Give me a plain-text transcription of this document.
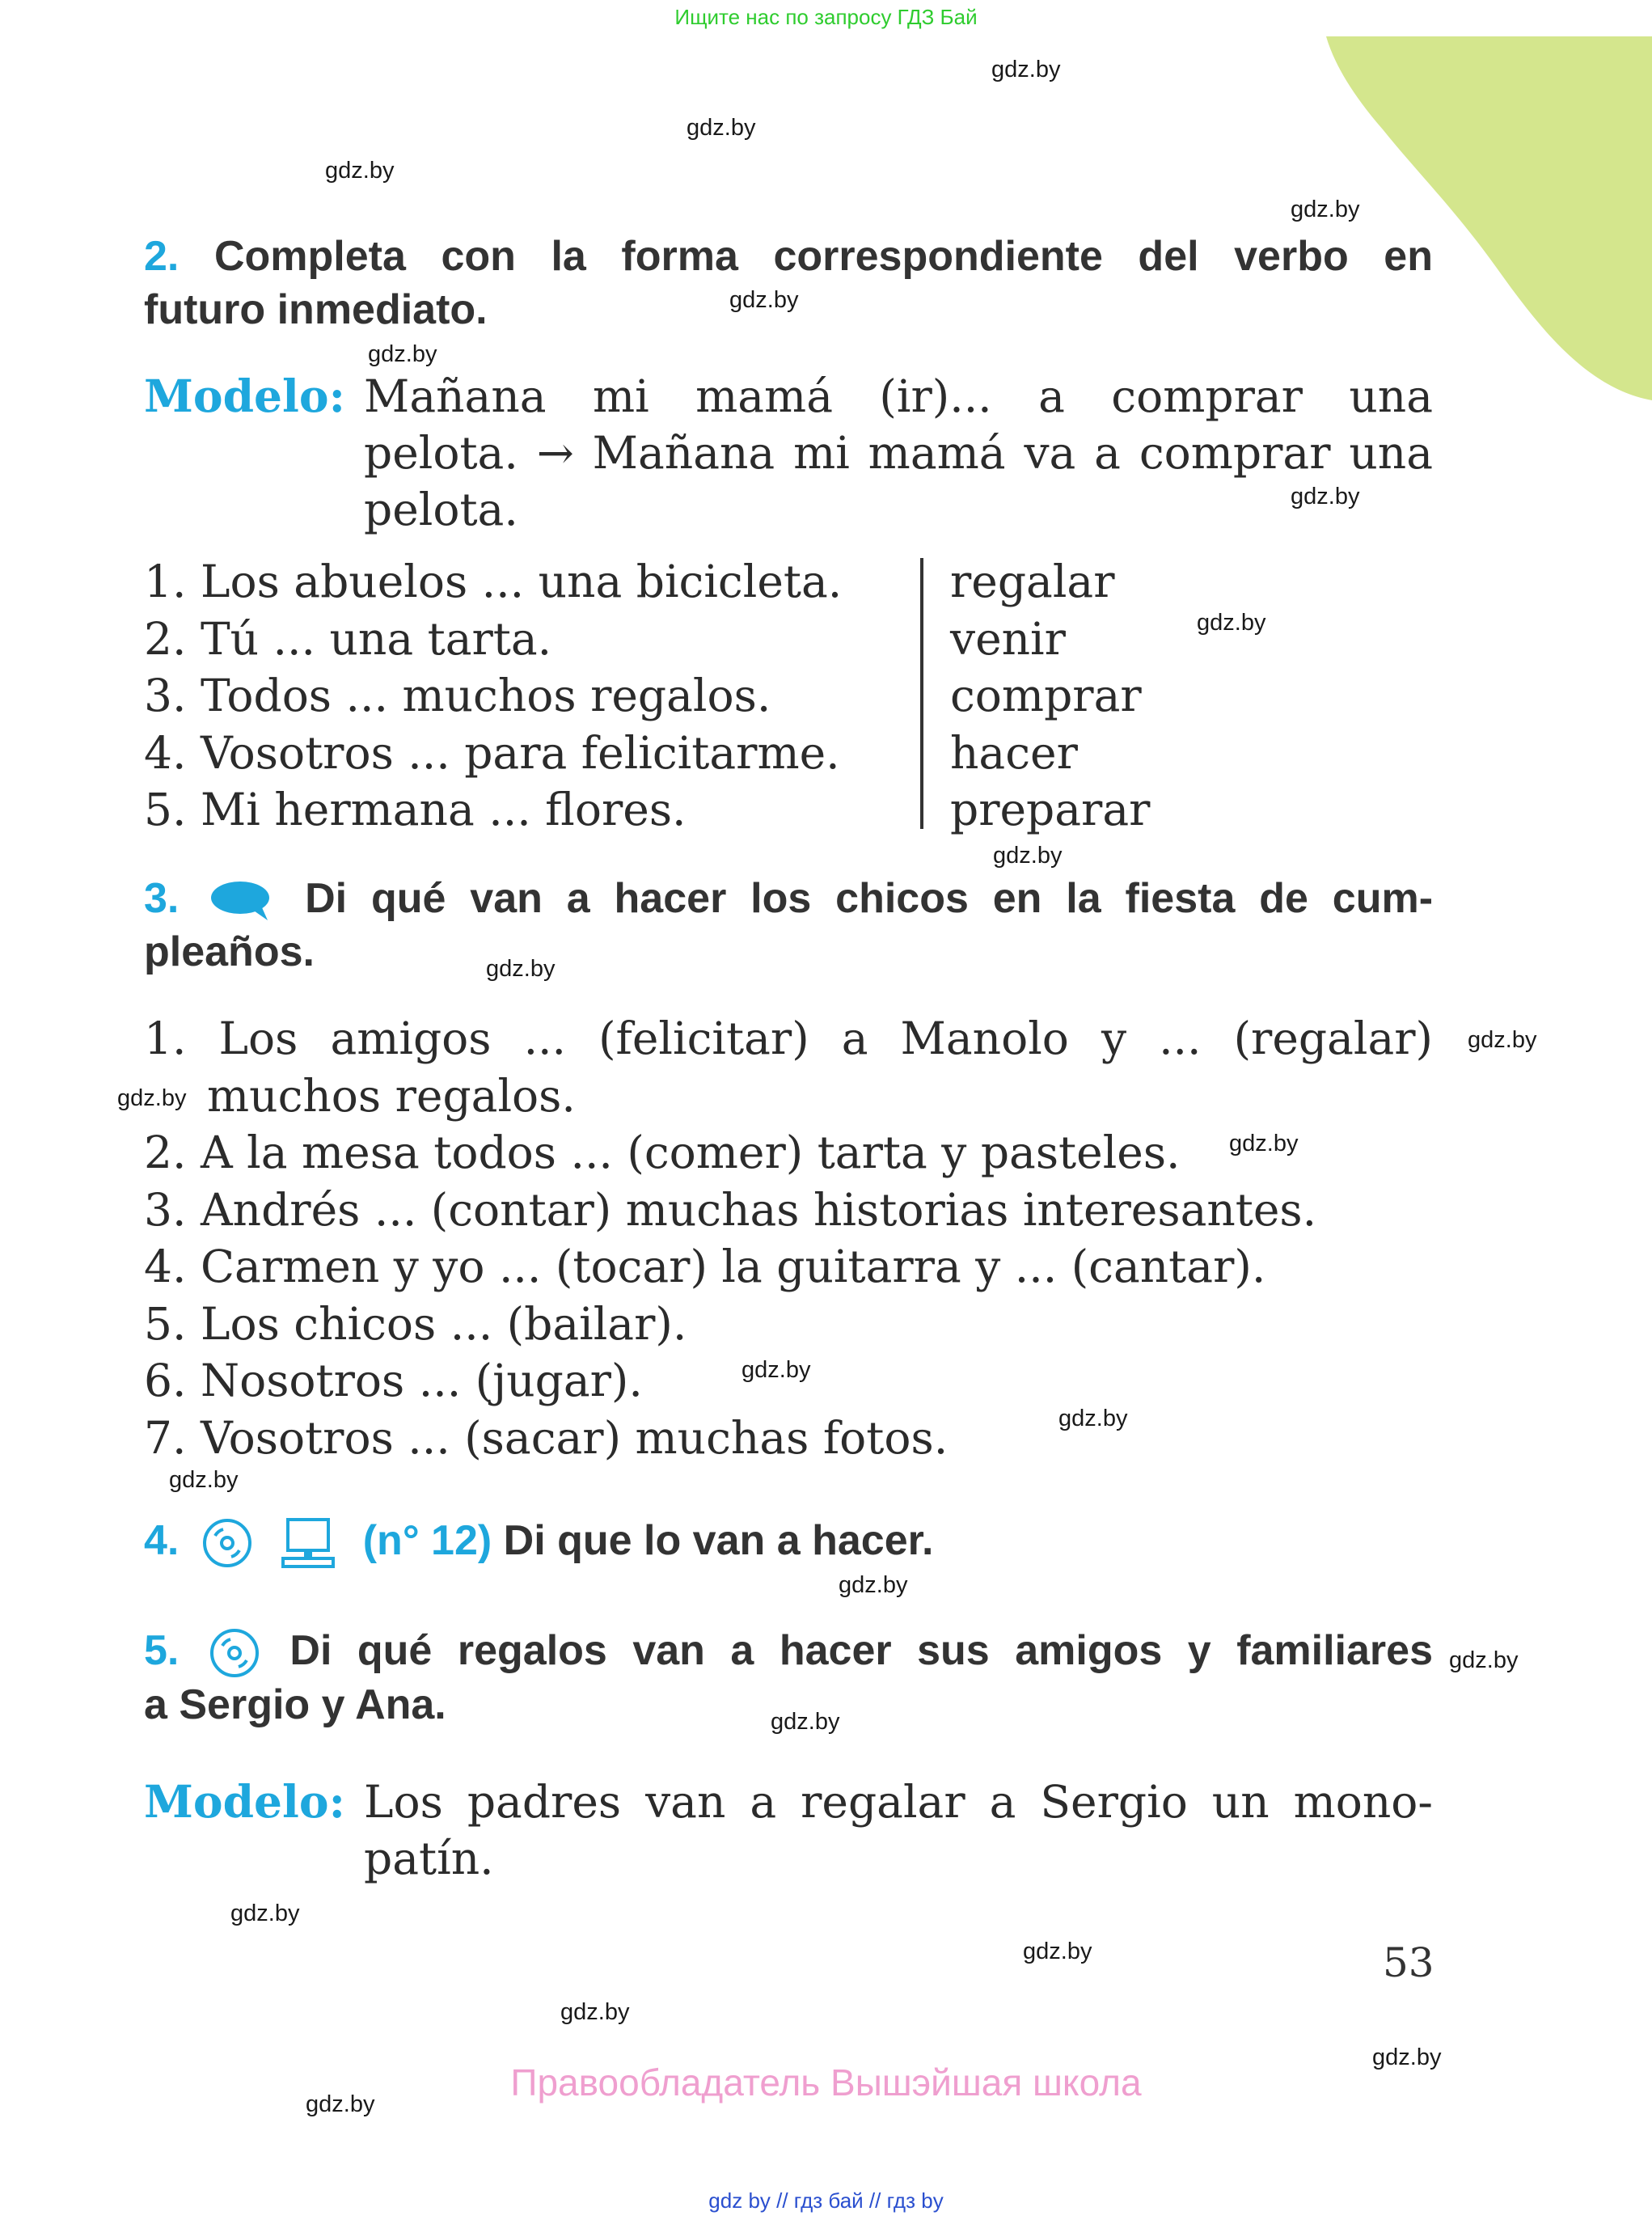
Ищите нас по запросу ГДЗ Бай
gdz.by
gdz.by
gdz.by
gdz.by
gdz.by
gdz.by
gdz.by
gdz.by
gdz.by
gdz.by
gdz.by
gdz.by
gdz.by
gdz.by
gdz.by
gdz.by
gdz.by
gdz.by
gdz.by
gdz.by
gdz.by
gdz.by
gdz.by
gdz.by
2. Completa con la forma correspondiente del verbo en
futuro inmediato.
Modelo: Mañana mi mamá (ir)... a comprar una
pelota. → Mañana mi mamá va a comprar una
pelota.
1. Los abuelos ... una bicicleta.
2. Tú ... una tarta.
3. Todos ... muchos regalos.
4. Vosotros ... para felicitarme.
5. Mi hermana ... flores.
regalar
venir
comprar
hacer
preparar
3.	Di qué van a hacer los chicos en la fiesta de cum-
pleaños.
1. Los amigos ... (felicitar) a Manolo y ... (regalar)
muchos regalos.
2. A la mesa todos ... (comer) tarta y pasteles.
3. Andrés ... (contar) muchas historias interesantes.
4. Carmen y yo ... (tocar) la guitarra y ... (cantar).
5. Los chicos ... (bailar).
6. Nosotros ... (jugar).
7. Vosotros ... (sacar) muchas fotos.
4.	(n° 12) Di que lo van a hacer.
5.	Di qué regalos van a hacer sus amigos y familiares
a Sergio y Ana.
Modelo: Los padres van a regalar a Sergio un mono-
patín.
53
Правообладатель Вышэйшая школа
gdz by // гдз бай // гдз by
